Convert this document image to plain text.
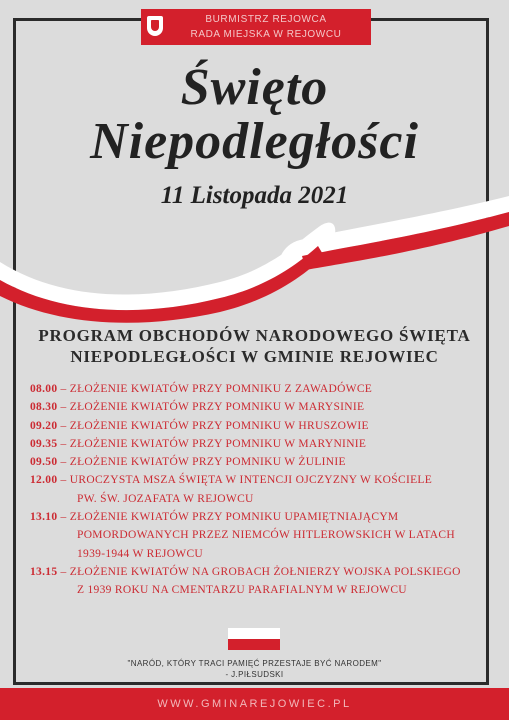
BURMISTRZ REJOWCA
RADA MIEJSKA W REJOWCU
Święto
Niepodległości
11 Listopada 2021
PROGRAM OBCHODÓW NARODOWEGO ŚWIĘTA
NIEPODLEGŁOŚCI W GMINIE REJOWIEC
08.00 – ZŁOŻENIE KWIATÓW PRZY POMNIKU Z ZAWADÓWCE
08.30 – ZŁOŻENIE KWIATÓW PRZY POMNIKU W MARYSINIE
09.20 – ZŁOŻENIE KWIATÓW PRZY POMNIKU W HRUSZOWIE
09.35 – ZŁOŻENIE KWIATÓW PRZY POMNIKU W MARYNINIE
09.50 – ZŁOŻENIE KWIATÓW PRZY POMNIKU W ŻULINIE
12.00 – UROCZYSTA MSZA ŚWIĘTA W INTENCJI OJCZYZNY W KOŚCIELE
PW. ŚW. JOZAFATA W REJOWCU
13.10 – ZŁOŻENIE KWIATÓW PRZY POMNIKU UPAMIĘTNIAJĄCYM
POMORDOWANYCH PRZEZ NIEMCÓW HITLEROWSKICH W LATACH
1939-1944 W REJOWCU
13.15 – ZŁOŻENIE KWIATÓW NA GROBACH ŻOŁNIERZY WOJSKA POLSKIEGO
Z 1939 ROKU NA CMENTARZU PARAFIALNYM W REJOWCU
"NARÓD, KTÓRY TRACI PAMIĘĆ PRZESTAJE BYĆ NARODEM"
- J.PIŁSUDSKI
WWW.GMINAREJOWIEC.PL
